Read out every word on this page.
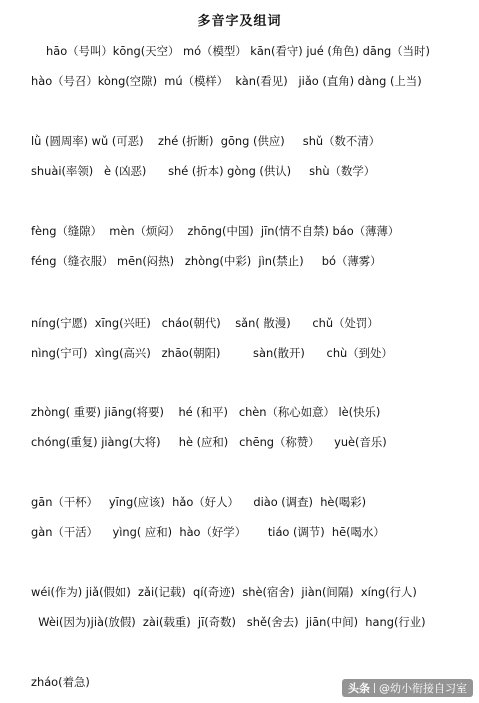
多音字及组词
hāo（号叫）kōng(天空） mó（模型） kān(看守) jué (角色) dāng（当时)
hào（号召）kòng(空隙)  mú（模样）  kàn(看见)   jiǎo (直角) dàng (上当)
lǜ (圆周率) wǔ (可恶)    zhé (折断)  gōng (供应)     shǔ（数不清）
shuài(率领)   è (凶恶)      shé (折本) gòng (供认)     shù（数学）
fèng（缝隙）  mèn（烦闷）  zhōng(中国)  jīn(情不自禁) báo（薄薄）
féng（缝衣服） mēn(闷热)   zhòng(中彩)  jìn(禁止)     bó（薄雾）
níng(宁愿)  xīng(兴旺)   cháo(朝代)    sǎn( 散漫)      chǔ（处罚）
nìng(宁可)  xìng(高兴)   zhāo(朝阳)         sàn(散开)      chù（到处）
zhòng( 重要) jiāng(将要)    hé (和平)   chèn（称心如意） lè(快乐)
chóng(重复) jiàng(大将)     hè (应和)   chēng（称赞）    yuè(音乐)
gān（干杯）   yīng(应该)  hǎo（好人）    diào (调查)  hè(喝彩)
gàn（干活）    yìng( 应和)  hào（好学）      tiáo (调节)  hē(喝水）
wéi(作为) jiǎ(假如)  zǎi(记载)  qí(奇迹)  shè(宿舍)  jiàn(间隔)  xíng(行人)
Wèi(因为)jià(放假)  zài(载重)  jī(奇数)   shě(舍去)  jiān(中间)  hang(行业)
zháo(着急)	头条 @幼小衔接自习室
